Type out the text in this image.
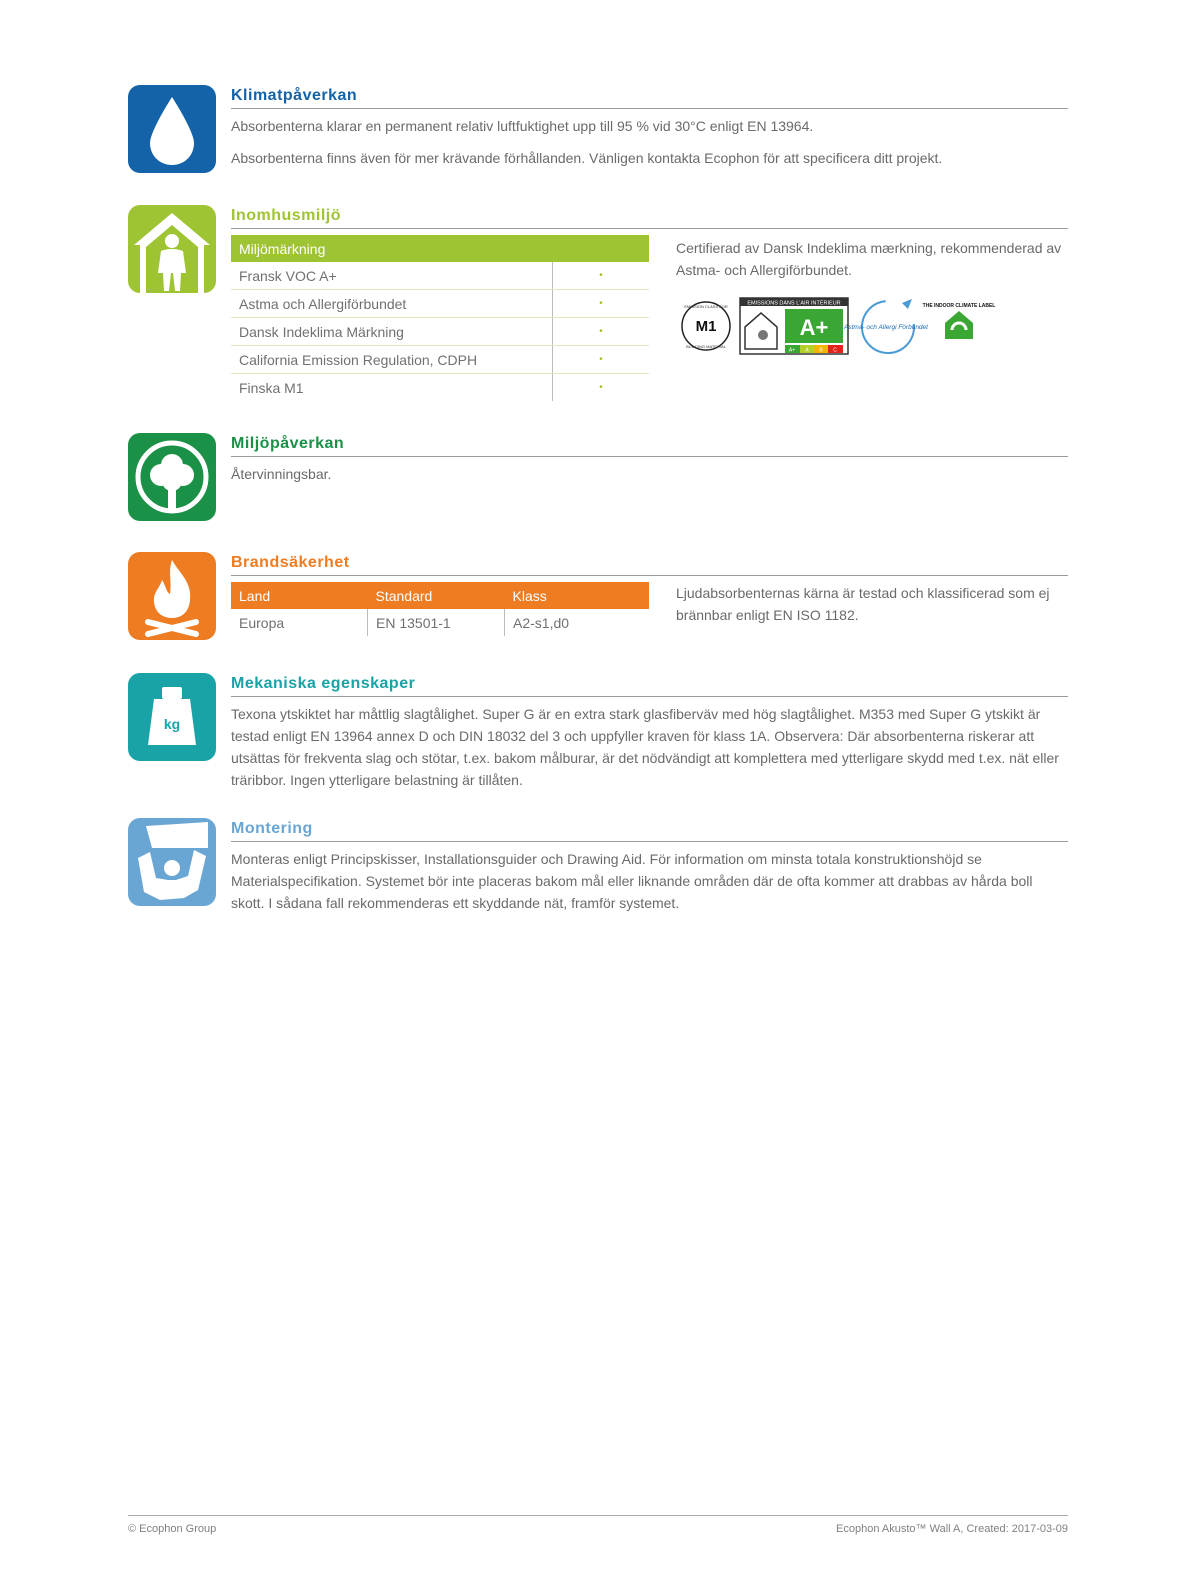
Klimatpåverkan

Absorbenterna klarar en permanent relativ luftfuktighet upp till 95 % vid 30°C enligt EN 13964.

Absorbenterna finns även för mer krävande förhållanden. Vänligen kontakta Ecophon för att specificera ditt projekt.

Inomhusmiljö
Miljömärkning	
Fransk VOC A+	•
Astma och Allergiförbundet	•
Dansk Indeklima Märkning	•
California Emission Regulation, CDPH	•
Finska M1	•
Certifierad av Dansk Indeklima mærkning, rekommenderad av Astma- och Allergiförbundet.
M1
EMISSION CLASS FOR
BUILDING MATERIAL
EMISSIONS DANS L'AIR INTÉRIEUR
A+
A+ A B C
Astma- och Allergi Förbundet
THE INDOOR CLIMATE LABEL
Miljöpåverkan

Återvinningsbar.

Brandsäkerhet
Land	Standard	Klass
Europa	EN 13501-1	A2-s1,d0
Ljudabsorbenternas kärna är testad och klassificerad som ej brännbar enligt EN ISO 1182.
kg
Mekaniska egenskaper

Texona ytskiktet har måttlig slagtålighet. Super G är en extra stark glasfiberväv med hög slagtålighet. M353 med Super G ytskikt är testad enligt EN 13964 annex D och DIN 18032 del 3 och uppfyller kraven för klass 1A. Observera: Där absorbenterna riskerar att utsättas för frekventa slag och stötar, t.ex. bakom målburar, är det nödvändigt att komplettera med ytterligare skydd med t.ex. nät eller träribbor. Ingen ytterligare belastning är tillåten.

Montering

Monteras enligt Principskisser, Installationsguider och Drawing Aid. För information om minsta totala konstruktionshöjd se Materialspecifikation. Systemet bör inte placeras bakom mål eller liknande områden där de ofta kommer att drabbas av hårda boll skott. I sådana fall rekommenderas ett skyddande nät, framför systemet.

© Ecophon Group	Ecophon Akusto™ Wall A, Created: 2017-03-09
